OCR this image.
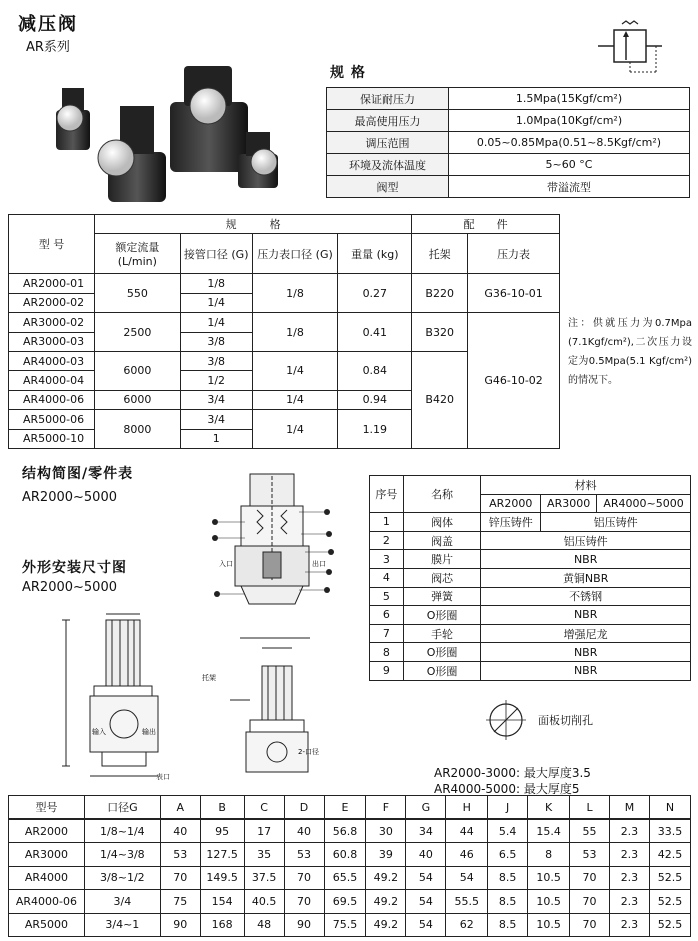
减压阀
AR系列
规 格
保证耐压力	1.5Mpa(15Kgf/cm²)
最高使用压力	1.0Mpa(10Kgf/cm²)
调压范围	0.05~0.85Mpa(0.51~8.5Kgf/cm²)
环境及流体温度	5~60 °C
阀型	带溢流型
型 号	规　　　格				配　　件	
	额定流量 (L/min)	接管口径 (G)	压力表口径 (G)	重量 (kg)	托架	压力表
AR2000-01	550	1/8	1/8	0.27	B220	G36-10-01
AR2000-02		1/4				
AR3000-02	2500	1/4	1/8	0.41	B320	G46-10-02
AR3000-03		3/8				
AR4000-03	6000	3/8	1/4	0.84	B420	
AR4000-04		1/2				
AR4000-06	6000	3/4	1/4	0.94		
AR5000-06	8000	3/4	1/4	1.19		
AR5000-10		1				
注：供就压力为0.7Mpa (7.1Kgf/cm²),二次压力设定为0.5Mpa(5.1 Kgf/cm²)的情况下。
结构简图/零件表
AR2000~5000
入口	出口
外形安装尺寸图
AR2000~5000
输入	输出
托架
2-口径
表口
序号	名称	材料		
		AR2000	AR3000	AR4000~5000
1	阀体	锌压铸件	铝压铸件	
2	阀盖	铝压铸件		
3	膜片	NBR		
4	阀芯	黄铜NBR		
5	弹簧	不锈钢		
6	O形圈	NBR		
7	手轮	增强尼龙		
8	O形圈	NBR		
9	O形圈	NBR		
面板切削孔
AR2000-3000: 最大厚度3.5
AR4000-5000: 最大厚度5
型号	口径G	A	B	C	D	E	F	G	H	J	K	L	M	N
AR2000	1/8~1/4	40	95	17	40	56.8	30	34	44	5.4	15.4	55	2.3	33.5
AR3000	1/4~3/8	53	127.5	35	53	60.8	39	40	46	6.5	8	53	2.3	42.5
AR4000	3/8~1/2	70	149.5	37.5	70	65.5	49.2	54	54	8.5	10.5	70	2.3	52.5
AR4000-06	3/4	75	154	40.5	70	69.5	49.2	54	55.5	8.5	10.5	70	2.3	52.5
AR5000	3/4~1	90	168	48	90	75.5	49.2	54	62	8.5	10.5	70	2.3	52.5
